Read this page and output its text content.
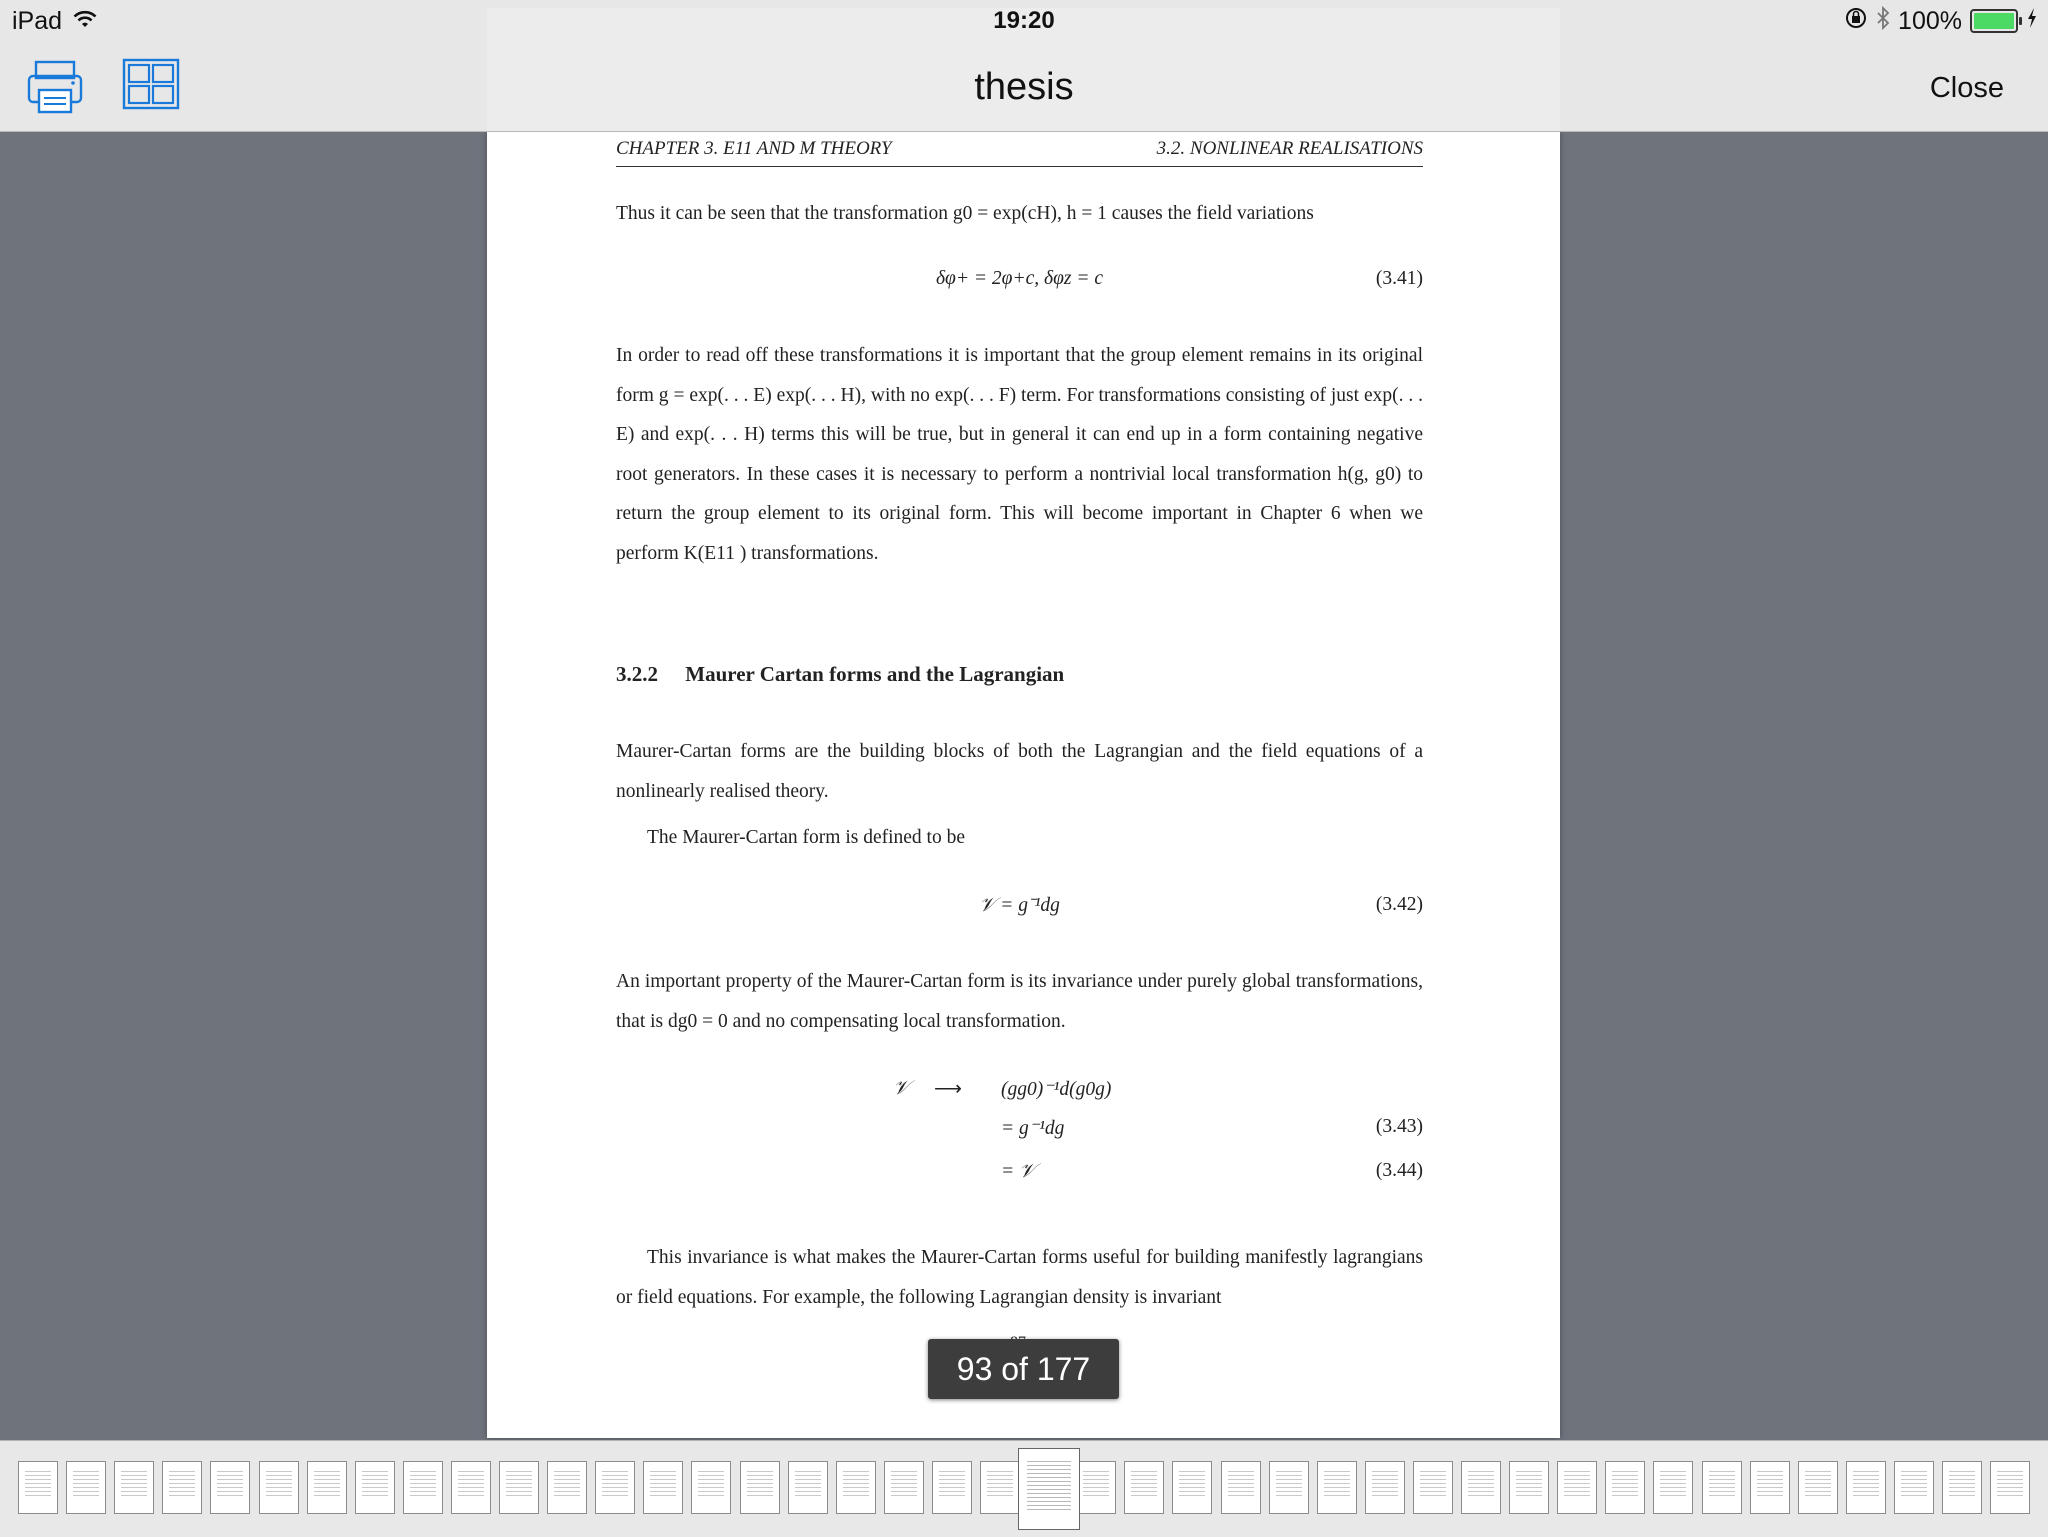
iPad	19:20	100%
thesis	Close
CHAPTER 3. E11 AND M THEORY	3.2. NONLINEAR REALISATIONS
Thus it can be seen that the transformation g0 = exp(cH), h = 1 causes the field variations
δφ+ = 2φ+c, δφz = c	(3.41)
In order to read off these transformations it is important that the group element remains in its original form g = exp(. . . E) exp(. . . H), with no exp(. . . F) term. For transformations consisting of just exp(. . . E) and exp(. . . H) terms this will be true, but in general it can end up in a form containing negative root generators. In these cases it is necessary to perform a nontrivial local transformation h(g, g0) to return the group element to its original form. This will become important in Chapter 6 when we perform K(E11 ) transformations.
3.2.2 Maurer Cartan forms and the Lagrangian
Maurer-Cartan forms are the building blocks of both the Lagrangian and the field equations of a nonlinearly realised theory.
The Maurer-Cartan form is defined to be
𝒱 = g⁻¹dg	(3.42)
An important property of the Maurer-Cartan form is its invariance under purely global transformations, that is dg0 = 0 and no compensating local transformation.
𝒱 ⟶ (gg0)⁻¹d(g0g)
= g⁻¹dg	(3.43)
= 𝒱	(3.44)
This invariance is what makes the Maurer-Cartan forms useful for building manifestly lagrangians or field equations. For example, the following Lagrangian density is invariant
93 of 177
